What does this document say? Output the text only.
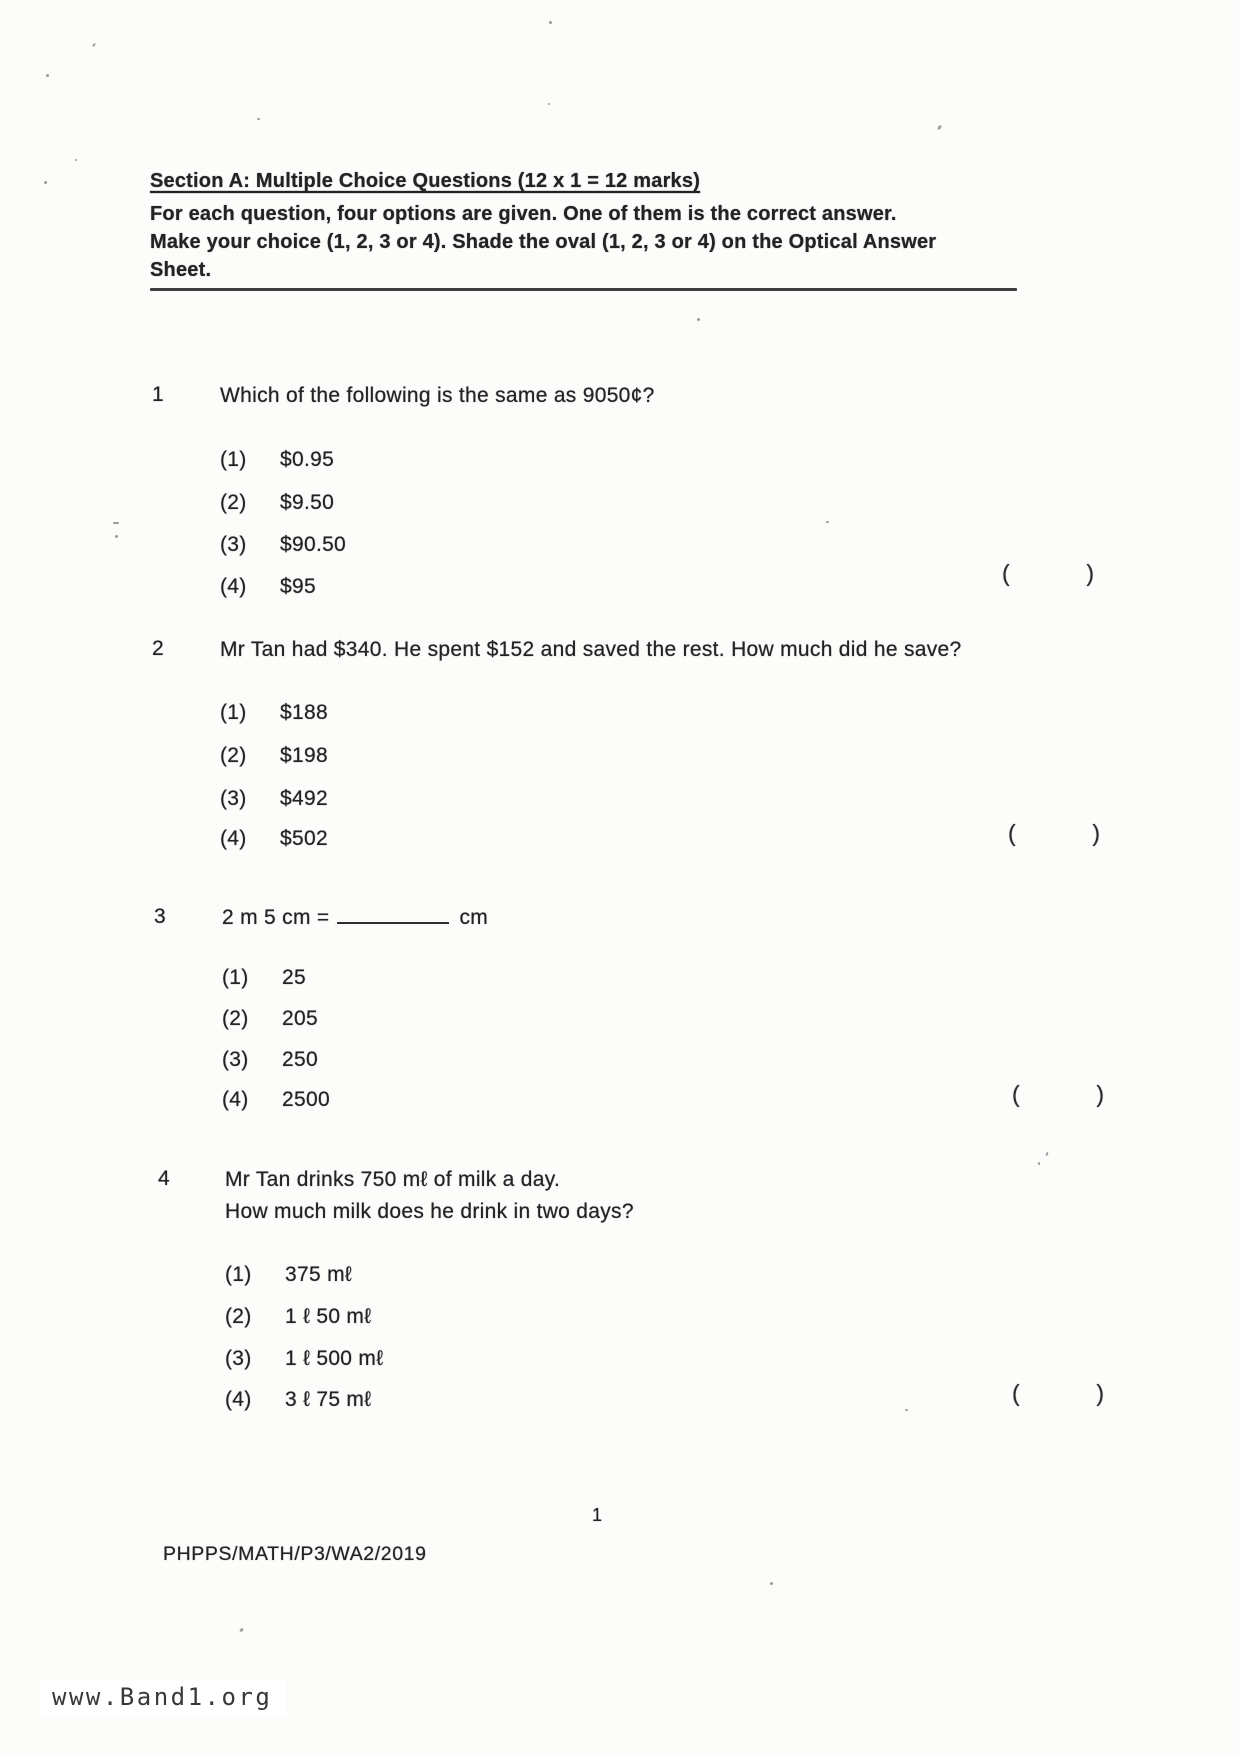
Section A: Multiple Choice Questions (12 x 1 = 12 marks)
For each question, four options are given. One of them is the correct answer.
Make your choice (1, 2, 3 or 4). Shade the oval (1, 2, 3 or 4) on the Optical Answer
Sheet.
1	Which of the following is the same as 9050¢?
(1) $0.95
(2) $9.50
(3) $90.50
(4) $95
(	)
2	Mr Tan had $340. He spent $152 and saved the rest. How much did he save?
(1) $188
(2) $198
(3) $492
(4) $502	(	)
3	2 m 5 cm =	cm
(1) 25
(2) 205
(3) 250
(4) 2500	(	)
4	Mr Tan drinks 750 mℓ of milk a day.
How much milk does he drink in two days?
(1) 375 mℓ
(2) 1 ℓ 50 mℓ
(3) 1 ℓ 500 mℓ
(4) 3 ℓ 75 mℓ	(	)
1
PHPPS/MATH/P3/WA2/2019
www.Band1.org
